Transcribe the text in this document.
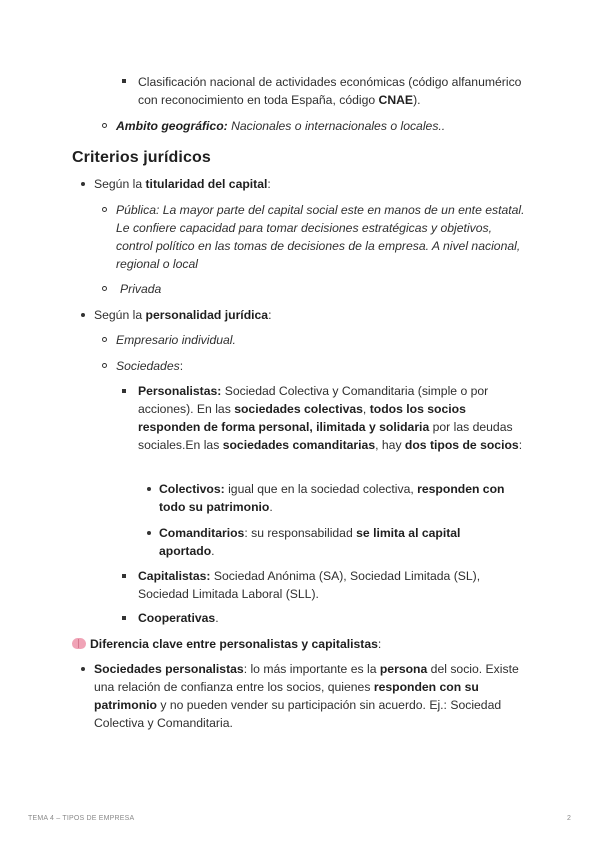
Clasificación nacional de actividades económicas (código alfanumérico con reconocimiento en toda España, código CNAE).
Ambito geográfico: Nacionales o internacionales o locales..
Criterios jurídicos
Según la titularidad del capital:
Pública: La mayor parte del capital social este en manos de un ente estatal. Le confiere capacidad para tomar decisiones estratégicas y objetivos, control político en las tomas de decisiones de la empresa. A nivel nacional, regional o local
Privada
Según la personalidad jurídica:
Empresario individual.
Sociedades:
Personalistas: Sociedad Colectiva y Comanditaria (simple o por acciones). En las sociedades colectivas, todos los socios responden de forma personal, ilimitada y solidaria por las deudas sociales.En las sociedades comanditarias, hay dos tipos de socios:
Colectivos: igual que en la sociedad colectiva, responden con todo su patrimonio.
Comanditarios: su responsabilidad se limita al capital aportado.
Capitalistas: Sociedad Anónima (SA), Sociedad Limitada (SL), Sociedad Limitada Laboral (SLL).
Cooperativas.
Diferencia clave entre personalistas y capitalistas:
Sociedades personalistas: lo más importante es la persona del socio. Existe una relación de confianza entre los socios, quienes responden con su patrimonio y no pueden vender su participación sin acuerdo. Ej.: Sociedad Colectiva y Comanditaria.
TEMA 4 – TIPOS DE EMPRESA	2
